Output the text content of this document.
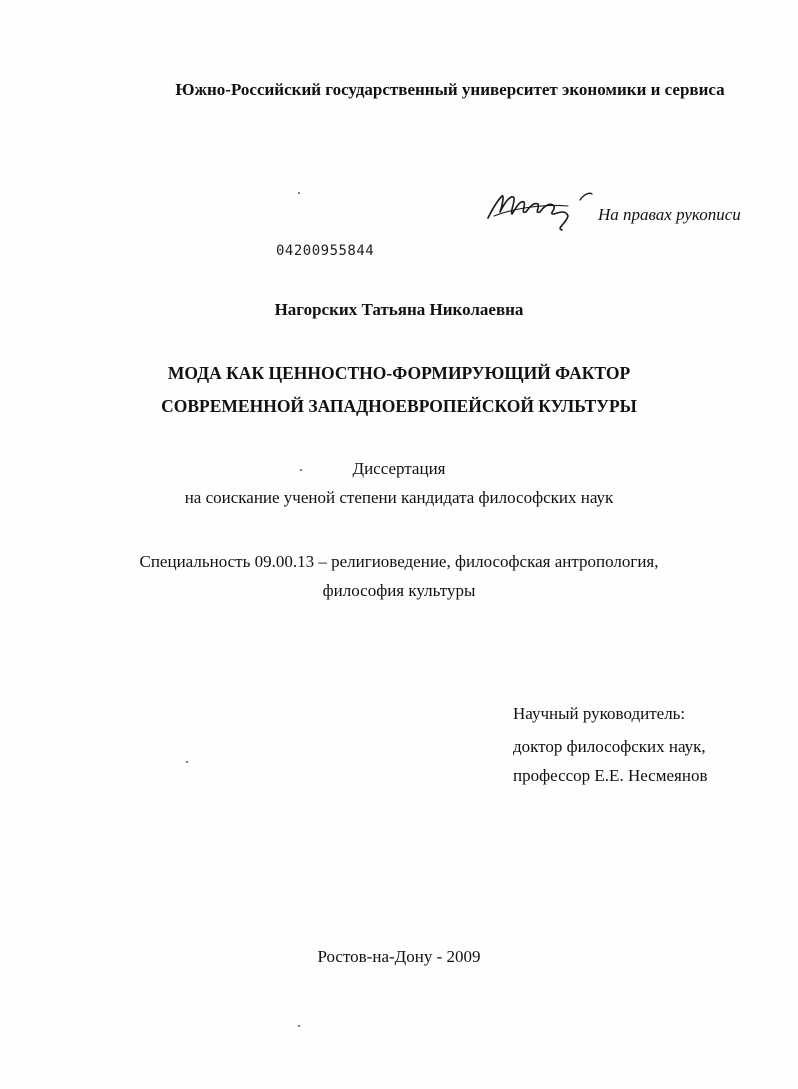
Южно-Российский государственный университет экономики и сервиса
На правах рукописи
04200955844
Нагорских Татьяна Николаевна
МОДА КАК ЦЕННОСТНО-ФОРМИРУЮЩИЙ ФАКТОР
СОВРЕМЕННОЙ ЗАПАДНОЕВРОПЕЙСКОЙ КУЛЬТУРЫ
Диссертация
на соискание ученой степени кандидата философских наук
Специальность 09.00.13 – религиоведение, философская антропология,
философия культуры
Научный руководитель:
доктор философских наук,
профессор Е.Е. Несмеянов
Ростов-на-Дону - 2009
